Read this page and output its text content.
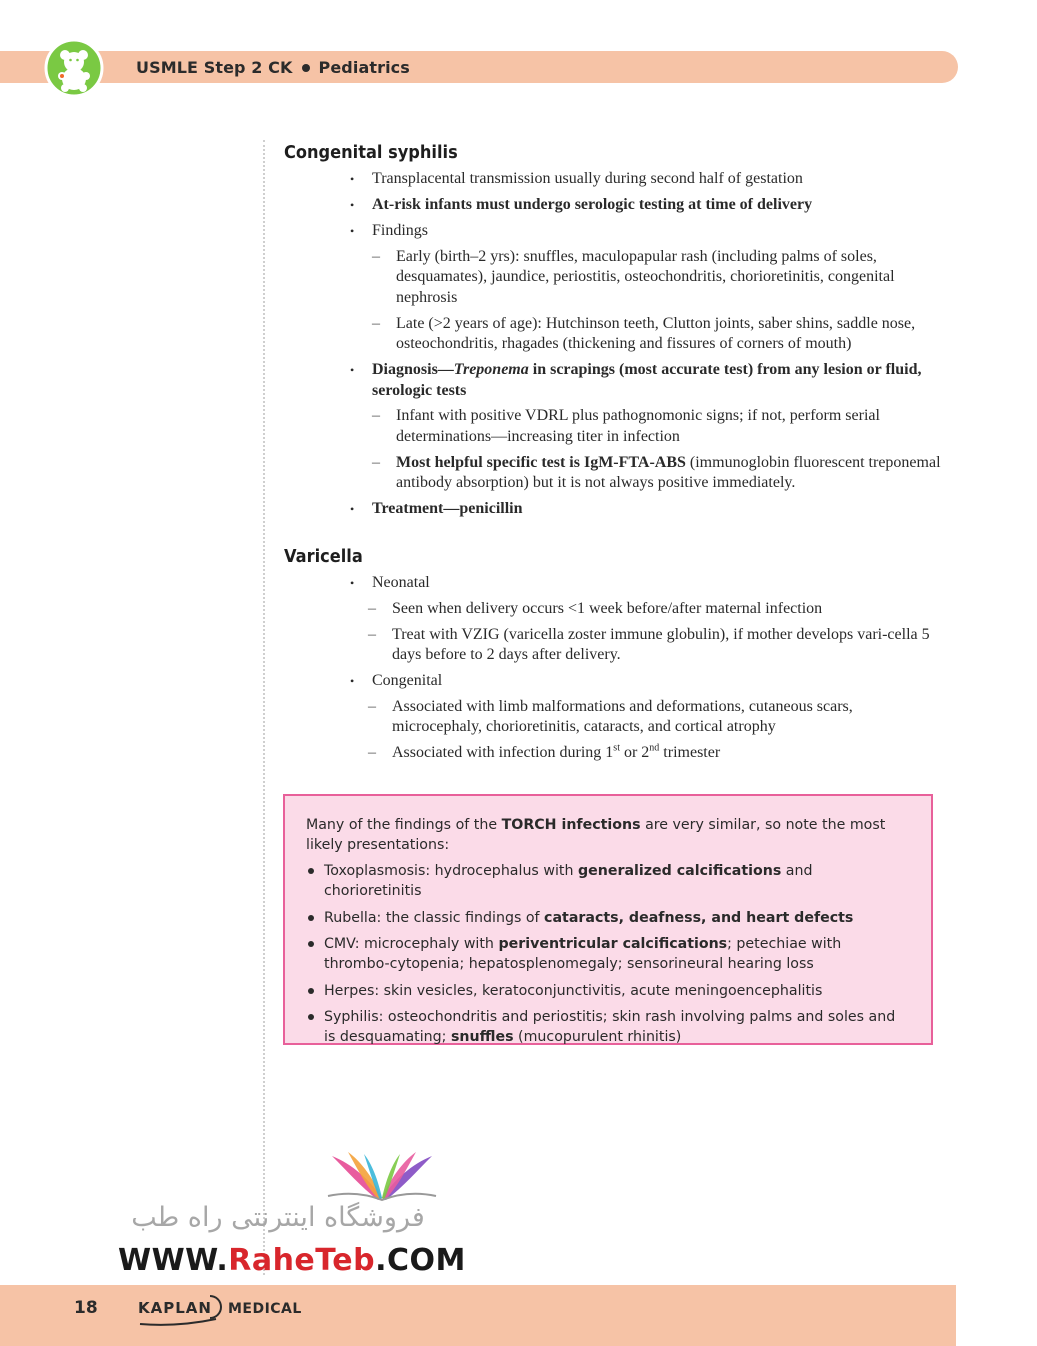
USMLE Step 2 CK Pediatrics
Congenital syphilis
• Transplacental transmission usually during second half of gestation
• At-risk infants must undergo serologic testing at time of delivery
• Findings
– Early (birth–2 yrs): snuffles, maculopapular rash (including palms of soles, desquamates), jaundice, periostitis, osteochondritis, chorioretinitis, congenital nephrosis
– Late (>2 years of age): Hutchinson teeth, Clutton joints, saber shins, saddle nose, osteochondritis, rhagades (thickening and fissures of corners of mouth)
• Diagnosis—Treponema in scrapings (most accurate test) from any lesion or fluid, serologic tests
– Infant with positive VDRL plus pathognomonic signs; if not, perform serial determinations—increasing titer in infection
– Most helpful specific test is IgM-FTA-ABS (immunoglobin fluorescent treponemal antibody absorption) but it is not always positive immediately.
• Treatment—penicillin
Varicella
• Neonatal
– Seen when delivery occurs <1 week before/after maternal infection
– Treat with VZIG (varicella zoster immune globulin), if mother develops vari-cella 5 days before to 2 days after delivery.
• Congenital
– Associated with limb malformations and deformations, cutaneous scars, microcephaly, chorioretinitis, cataracts, and cortical atrophy
– Associated with infection during 1st or 2nd trimester

Many of the findings of the TORCH infections are very similar, so note the most likely presentations:

Toxoplasmosis: hydrocephalus with generalized calcifications and chorioretinitis
Rubella: the classic findings of cataracts, deafness, and heart defects
CMV: microcephaly with periventricular calcifications; petechiae with thrombo-cytopenia; hepatosplenomegaly; sensorineural hearing loss
Herpes: skin vesicles, keratoconjunctivitis, acute meningoencephalitis
Syphilis: osteochondritis and periostitis; skin rash involving palms and soles and is desquamating; snuffles (mucopurulent rhinitis)
فروشگاه اینترنتی راه طب
WWW.RaheTeb.COM
18	KAPLAN MEDICAL
